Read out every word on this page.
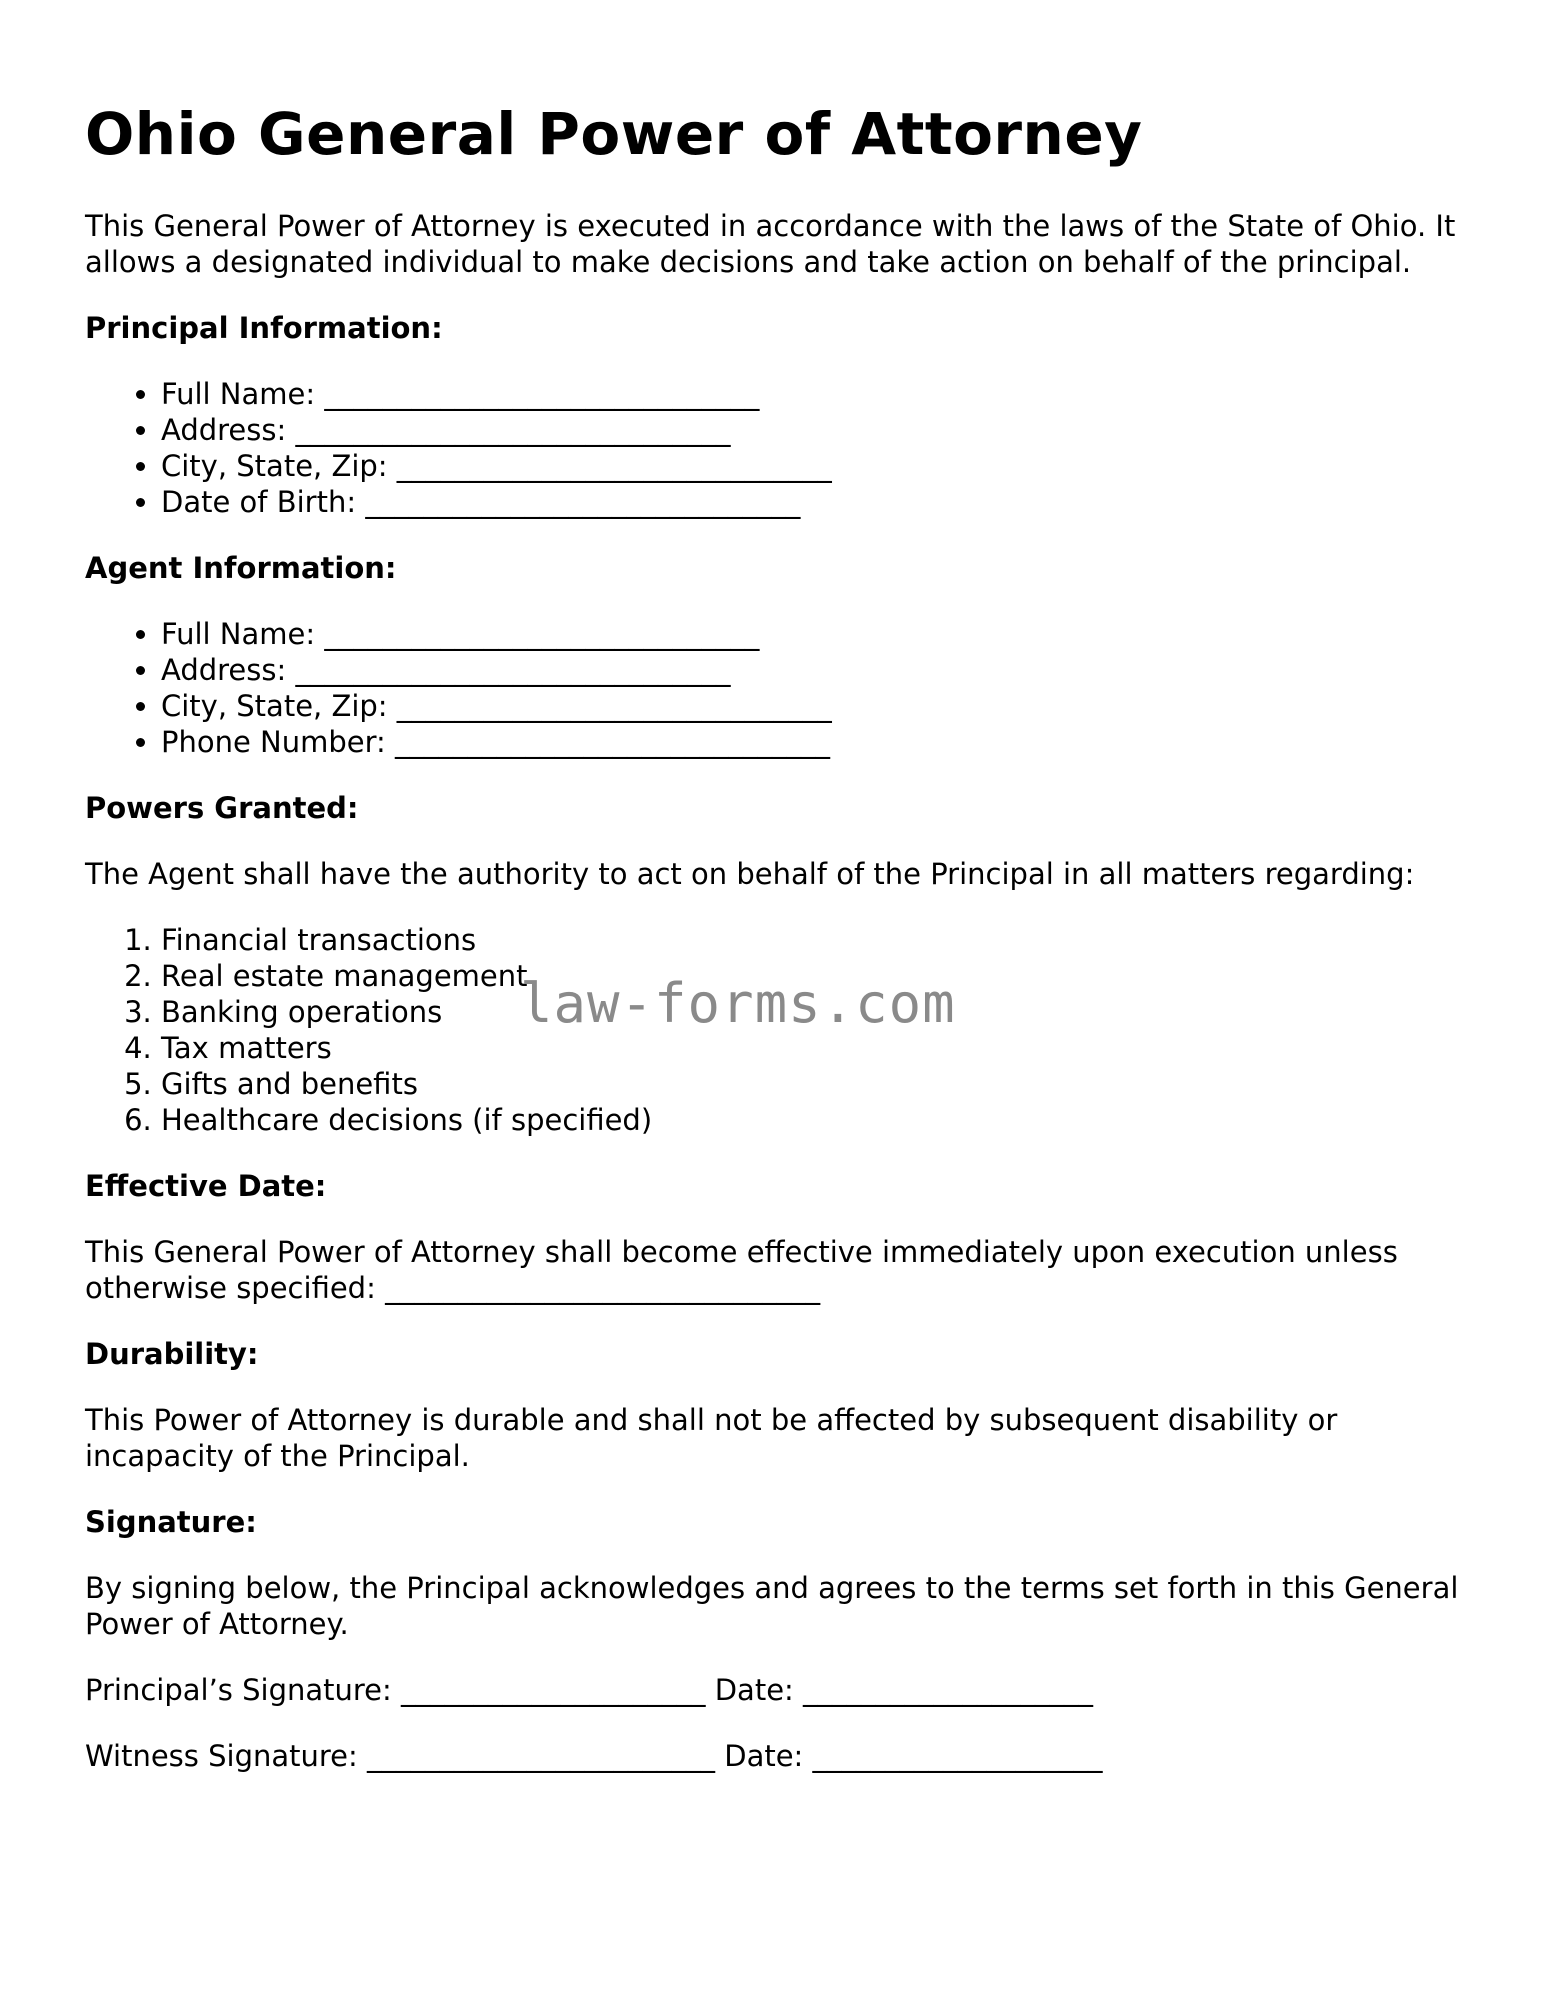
Ohio General Power of Attorney

This General Power of Attorney is executed in accordance with the laws of the State of Ohio. It allows a designated individual to make decisions and take action on behalf of the principal.

Principal Information:
• Full Name: ______________________________
• Address: ______________________________
• City, State, Zip: ______________________________
• Date of Birth: ______________________________
Agent Information:
• Full Name: ______________________________
• Address: ______________________________
• City, State, Zip: ______________________________
• Phone Number: ______________________________
Powers Granted:

The Agent shall have the authority to act on behalf of the Principal in all matters regarding:

1. Financial transactions
2. Real estate management
3. Banking operations
4. Tax matters
5. Gifts and benefits
6. Healthcare decisions (if specified)
Effective Date:

This General Power of Attorney shall become effective immediately upon execution unless otherwise specified: ______________________________

Durability:

This Power of Attorney is durable and shall not be affected by subsequent disability or incapacity of the Principal.

Signature:

By signing below, the Principal acknowledges and agrees to the terms set forth in this General Power of Attorney.

Principal’s Signature: _____________________ Date: ____________________

Witness Signature: ________________________ Date: ____________________

law-forms.com
